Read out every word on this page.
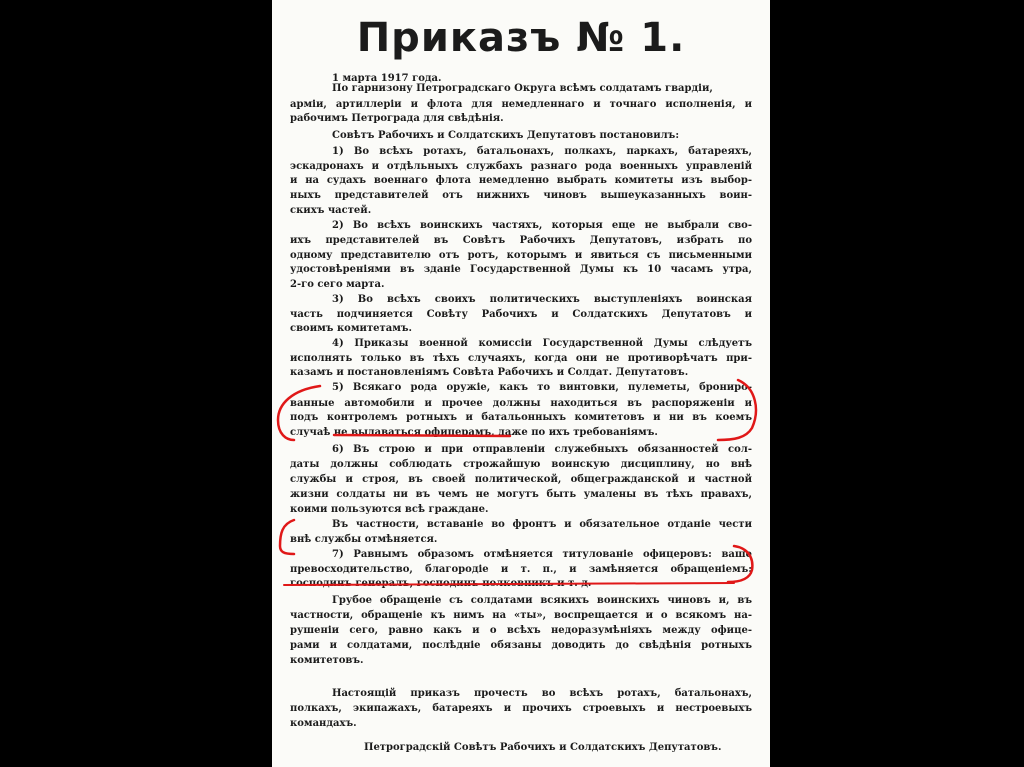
Приказъ № 1.
1 марта 1917 года.
По гарнизону Петроградскаго Округа всѣмъ солдатамъ гвардіи,
арміи, артиллеріи и флота для немедленнаго и точнаго исполненія, и
рабочимъ Петрограда для свѣдѣнія.
Совѣтъ Рабочихъ и Солдатскихъ Депутатовъ постановилъ:
1) Во всѣхъ ротахъ, батальонахъ, полкахъ, паркахъ, батареяхъ,
эскадронахъ и отдѣльныхъ службахъ разнаго рода военныхъ управленій
и на судахъ военнаго флота немедленно выбрать комитеты изъ выбор-
ныхъ представителей отъ нижнихъ чиновъ вышеуказанныхъ воин-
скихъ частей.
2) Во всѣхъ воинскихъ частяхъ, которыя еще не выбрали сво-
ихъ представителей въ Совѣтъ Рабочихъ Депутатовъ, избрать по
одному представителю отъ ротъ, которымъ и явиться съ письменными
удостовѣреніями въ зданіе Государственной Думы къ 10 часамъ утра,
2-го сего марта.
3) Во всѣхъ своихъ политическихъ выступленіяхъ воинская
часть подчиняется Совѣту Рабочихъ и Солдатскихъ Депутатовъ и
своимъ комитетамъ.
4) Приказы военной комиссіи Государственной Думы слѣдуетъ
исполнять только въ тѣхъ случаяхъ, когда они не противорѣчатъ при-
казамъ и постановленіямъ Совѣта Рабочихъ и Солдат. Депутатовъ.
5) Всякаго рода оружіе, какъ то винтовки, пулеметы, брониро-
ванные автомобили и прочее должны находиться въ распоряженіи и
подъ контролемъ ротныхъ и батальонныхъ комитетовъ и ни въ коемъ
случаѣ не выдаваться офицерамъ, даже по ихъ требованіямъ.
6) Въ строю и при отправленіи служебныхъ обязанностей сол-
даты должны соблюдать строжайшую воинскую дисциплину, но внѣ
службы и строя, въ своей политической, общегражданской и частной
жизни солдаты ни въ чемъ не могутъ быть умалены въ тѣхъ правахъ,
коими пользуются всѣ граждане.
Въ частности, вставаніе во фронтъ и обязательное отданіе чести
внѣ службы отмѣняется.
7) Равнымъ образомъ отмѣняется титулованіе офицеровъ: ваше
превосходительство, благородіе и т. п., и замѣняется обращеніемъ:
господинъ генералъ, господинъ полковникъ и т. д.
Грубое обращеніе съ солдатами всякихъ воинскихъ чиновъ и, въ
частности, обращеніе къ нимъ на «ты», воспрещается и о всякомъ на-
рушеніи сего, равно какъ и о всѣхъ недоразумѣніяхъ между офице-
рами и солдатами, послѣдніе обязаны доводить до свѣдѣнія ротныхъ
комитетовъ.
Настоящій приказъ прочесть во всѣхъ ротахъ, батальонахъ,
полкахъ, экипажахъ, батареяхъ и прочихъ строевыхъ и нестроевыхъ
командахъ.
Петроградскій Совѣтъ Рабочихъ и Солдатскихъ Депутатовъ.
